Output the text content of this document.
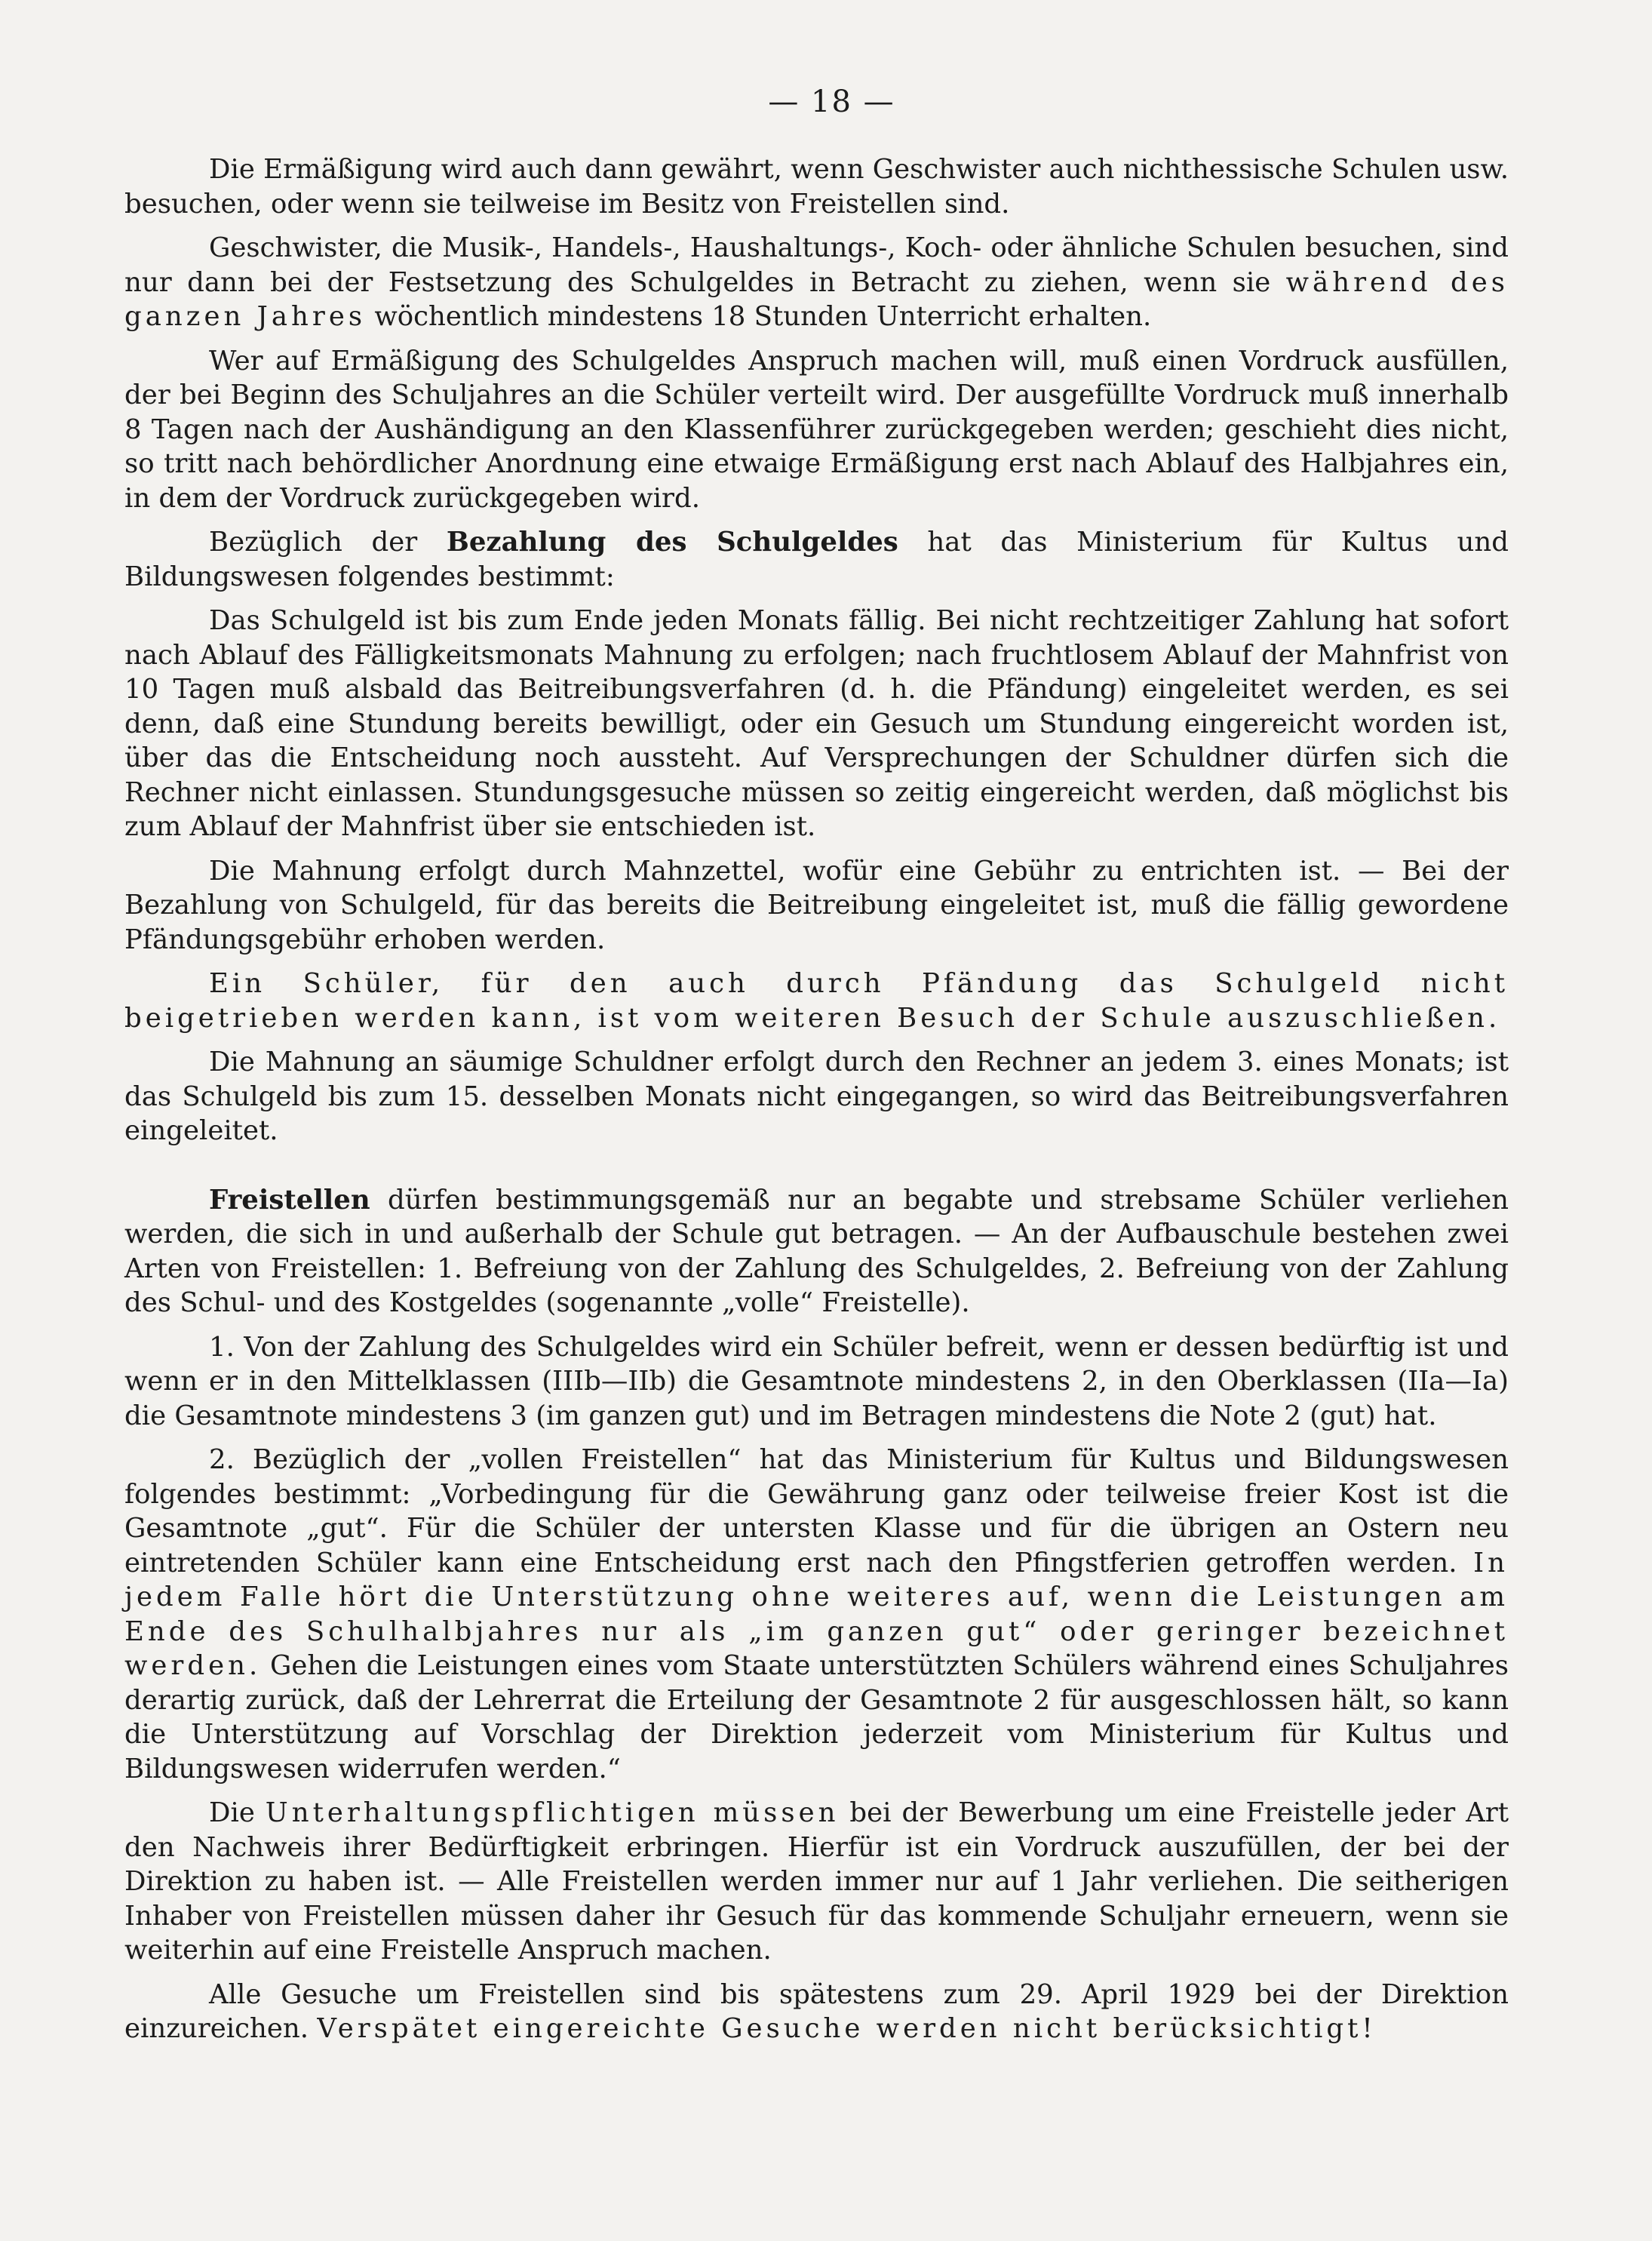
— 18 —

Die Ermäßigung wird auch dann gewährt, wenn Geschwister auch nichthessische Schulen usw. besuchen, oder wenn sie teilweise im Besitz von Freistellen sind.

Geschwister, die Musik-, Handels-, Haushaltungs-, Koch- oder ähnliche Schulen besuchen, sind nur dann bei der Festsetzung des Schulgeldes in Betracht zu ziehen, wenn sie während des ganzen Jahres wöchentlich mindestens 18 Stunden Unterricht erhalten.

Wer auf Ermäßigung des Schulgeldes Anspruch machen will, muß einen Vordruck ausfüllen, der bei Beginn des Schuljahres an die Schüler verteilt wird. Der ausgefüllte Vordruck muß innerhalb 8 Tagen nach der Aushändigung an den Klassenführer zurückgegeben werden; geschieht dies nicht, so tritt nach behördlicher Anordnung eine etwaige Ermäßigung erst nach Ablauf des Halbjahres ein, in dem der Vordruck zurückgegeben wird.

Bezüglich der Bezahlung des Schulgeldes hat das Ministerium für Kultus und Bildungswesen folgendes bestimmt:

Das Schulgeld ist bis zum Ende jeden Monats fällig. Bei nicht rechtzeitiger Zahlung hat sofort nach Ablauf des Fälligkeitsmonats Mahnung zu erfolgen; nach fruchtlosem Ablauf der Mahnfrist von 10 Tagen muß alsbald das Beitreibungsverfahren (d. h. die Pfändung) eingeleitet werden, es sei denn, daß eine Stundung bereits bewilligt, oder ein Gesuch um Stundung eingereicht worden ist, über das die Entscheidung noch aussteht. Auf Versprechungen der Schuldner dürfen sich die Rechner nicht einlassen. Stundungsgesuche müssen so zeitig eingereicht werden, daß möglichst bis zum Ablauf der Mahnfrist über sie entschieden ist.

Die Mahnung erfolgt durch Mahnzettel, wofür eine Gebühr zu entrichten ist. — Bei der Bezahlung von Schulgeld, für das bereits die Beitreibung eingeleitet ist, muß die fällig gewordene Pfändungsgebühr erhoben werden.

Ein Schüler, für den auch durch Pfändung das Schulgeld nicht beigetrieben werden kann, ist vom weiteren Besuch der Schule auszuschließen.

Die Mahnung an säumige Schuldner erfolgt durch den Rechner an jedem 3. eines Monats; ist das Schulgeld bis zum 15. desselben Monats nicht eingegangen, so wird das Beitreibungsverfahren eingeleitet.

Freistellen dürfen bestimmungsgemäß nur an begabte und strebsame Schüler verliehen werden, die sich in und außerhalb der Schule gut betragen. — An der Aufbauschule bestehen zwei Arten von Freistellen: 1. Befreiung von der Zahlung des Schulgeldes, 2. Befreiung von der Zahlung des Schul- und des Kostgeldes (sogenannte „volle“ Freistelle).

1. Von der Zahlung des Schulgeldes wird ein Schüler befreit, wenn er dessen bedürftig ist und wenn er in den Mittelklassen (IIIb—IIb) die Gesamtnote mindestens 2, in den Oberklassen (IIa—Ia) die Gesamtnote mindestens 3 (im ganzen gut) und im Betragen mindestens die Note 2 (gut) hat.

2. Bezüglich der „vollen Freistellen“ hat das Ministerium für Kultus und Bildungswesen folgendes bestimmt: „Vorbedingung für die Gewährung ganz oder teilweise freier Kost ist die Gesamtnote „gut“. Für die Schüler der untersten Klasse und für die übrigen an Ostern neu eintretenden Schüler kann eine Entscheidung erst nach den Pfingstferien getroffen werden. In jedem Falle hört die Unterstützung ohne weiteres auf, wenn die Leistungen am Ende des Schulhalbjahres nur als „im ganzen gut“ oder geringer bezeichnet werden. Gehen die Leistungen eines vom Staate unterstützten Schülers während eines Schuljahres derartig zurück, daß der Lehrerrat die Erteilung der Gesamtnote 2 für ausgeschlossen hält, so kann die Unterstützung auf Vorschlag der Direktion jederzeit vom Ministerium für Kultus und Bildungswesen widerrufen werden.“

Die Unterhaltungspflichtigen müssen bei der Bewerbung um eine Freistelle jeder Art den Nachweis ihrer Bedürftigkeit erbringen. Hierfür ist ein Vordruck auszufüllen, der bei der Direktion zu haben ist. — Alle Freistellen werden immer nur auf 1 Jahr verliehen. Die seitherigen Inhaber von Freistellen müssen daher ihr Gesuch für das kommende Schuljahr erneuern, wenn sie weiterhin auf eine Freistelle Anspruch machen.

Alle Gesuche um Freistellen sind bis spätestens zum 29. April 1929 bei der Direktion einzureichen. Verspätet eingereichte Gesuche werden nicht berücksichtigt!
